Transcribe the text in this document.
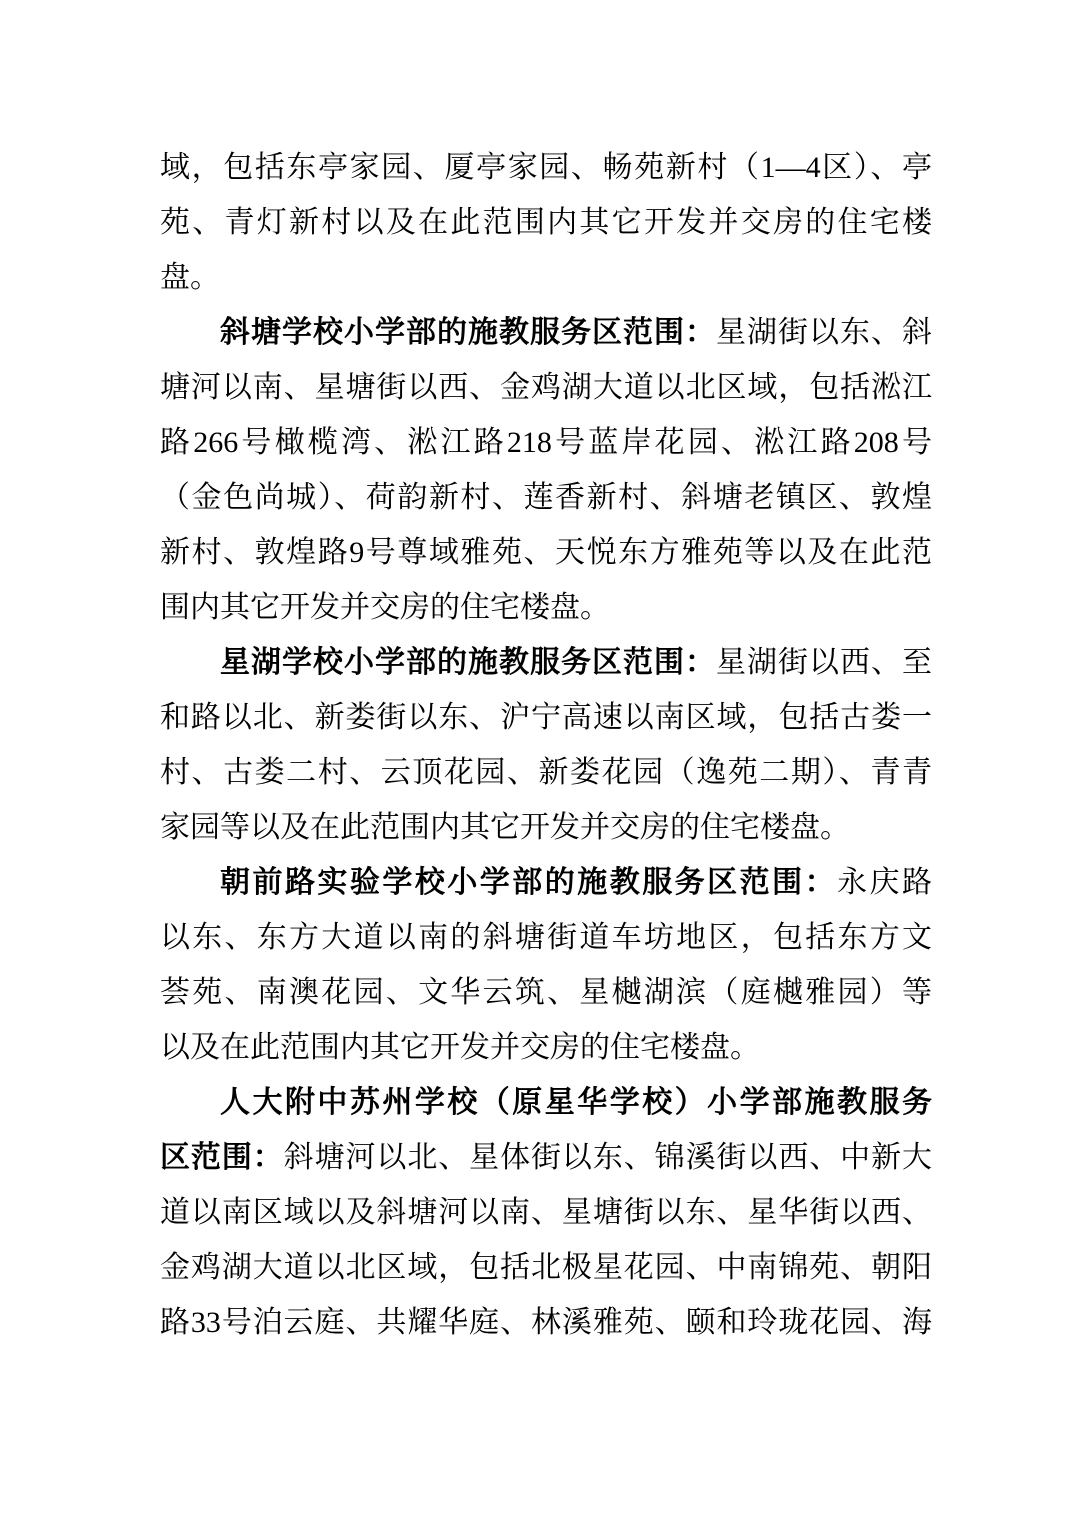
域，包括东亭家园、厦亭家园、畅苑新村（1—4区）、亭
苑、青灯新村以及在此范围内其它开发并交房的住宅楼
盘。
斜塘学校小学部的施教服务区范围：星湖街以东、斜
塘河以南、星塘街以西、金鸡湖大道以北区域，包括淞江
路266号橄榄湾、淞江路218号蓝岸花园、淞江路208号
（金色尚城）、荷韵新村、莲香新村、斜塘老镇区、敦煌
新村、敦煌路9号尊域雅苑、天悦东方雅苑等以及在此范
围内其它开发并交房的住宅楼盘。
星湖学校小学部的施教服务区范围：星湖街以西、至
和路以北、新娄街以东、沪宁高速以南区域，包括古娄一
村、古娄二村、云顶花园、新娄花园（逸苑二期）、青青
家园等以及在此范围内其它开发并交房的住宅楼盘。
朝前路实验学校小学部的施教服务区范围：永庆路
以东、东方大道以南的斜塘街道车坊地区，包括东方文
荟苑、南澳花园、文华云筑、星樾湖滨（庭樾雅园）等
以及在此范围内其它开发并交房的住宅楼盘。
人大附中苏州学校（原星华学校）小学部施教服务
区范围：斜塘河以北、星体街以东、锦溪街以西、中新大
道以南区域以及斜塘河以南、星塘街以东、星华街以西、
金鸡湖大道以北区域，包括北极星花园、中南锦苑、朝阳
路33号泊云庭、共耀华庭、林溪雅苑、颐和玲珑花园、海
